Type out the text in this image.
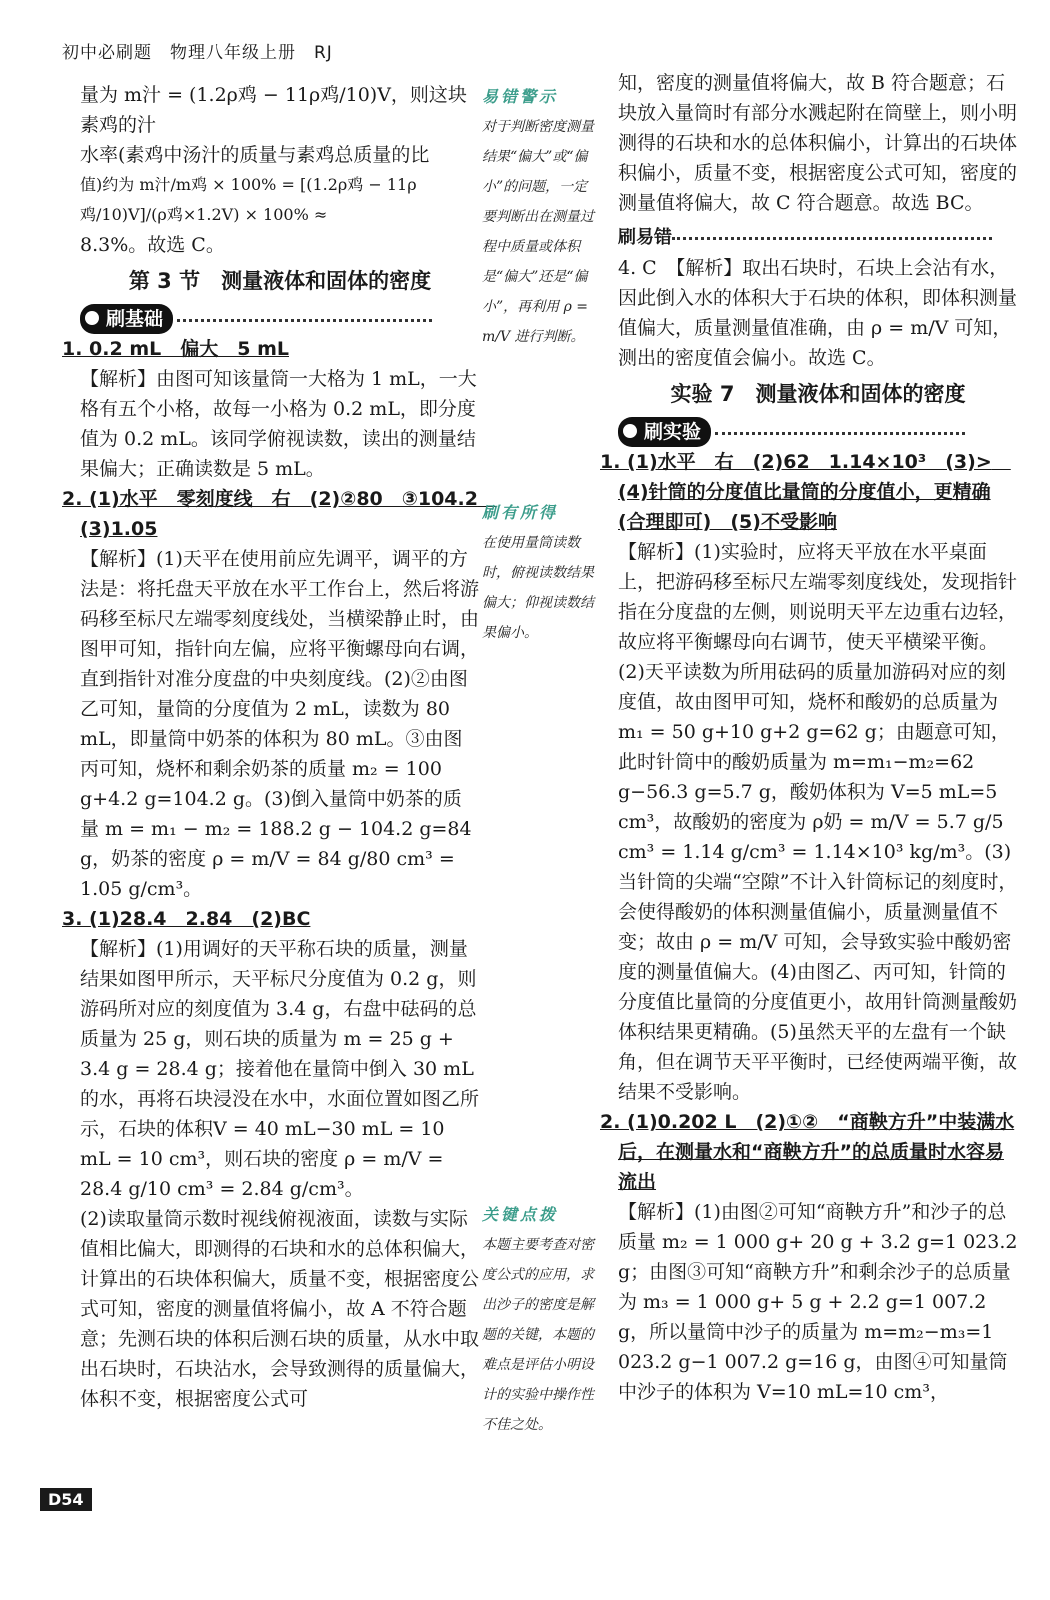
初中必刷题　物理八年级上册　RJ

量为 m汁 = (1.2ρ鸡 − 11ρ鸡/10)V，则这块素鸡的汁

水率(素鸡中汤汁的质量与素鸡总质量的比

值)约为 m汁/m鸡 × 100% = [(1.2ρ鸡 − 11ρ鸡/10)V]/(ρ鸡×1.2V) × 100% ≈

8.3%。故选 C。

第 3 节　测量液体和固体的密度
刷基础

1. 0.2 mL　偏大　5 mL

【解析】由图可知该量筒一大格为 1 mL，一大格有五个小格，故每一小格为 0.2 mL，即分度值为 0.2 mL。该同学俯视读数，读出的测量结果偏大；正确读数是 5 mL。

2. (1)水平　零刻度线　右　(2)②80　③104.2　(3)1.05

【解析】(1)天平在使用前应先调平，调平的方法是：将托盘天平放在水平工作台上，然后将游码移至标尺左端零刻度线处，当横梁静止时，由图甲可知，指针向左偏，应将平衡螺母向右调，直到指针对准分度盘的中央刻度线。(2)②由图乙可知，量筒的分度值为 2 mL，读数为 80 mL，即量筒中奶茶的体积为 80 mL。③由图丙可知，烧杯和剩余奶茶的质量 m₂ = 100 g+4.2 g=104.2 g。(3)倒入量筒中奶茶的质量 m = m₁ − m₂ = 188.2 g − 104.2 g=84 g，奶茶的密度 ρ = m/V = 84 g/80 cm³ = 1.05 g/cm³。

3. (1)28.4　2.84　(2)BC

【解析】(1)用调好的天平称石块的质量，测量结果如图甲所示，天平标尺分度值为 0.2 g，则游码所对应的刻度值为 3.4 g，右盘中砝码的总质量为 25 g，则石块的质量为 m = 25 g + 3.4 g = 28.4 g；接着他在量筒中倒入 30 mL 的水，再将石块浸没在水中，水面位置如图乙所示，石块的体积V = 40 mL−30 mL = 10 mL = 10 cm³，则石块的密度 ρ = m/V = 28.4 g/10 cm³ = 2.84 g/cm³。

(2)读取量筒示数时视线俯视液面，读数与实际值相比偏大，即测得的石块和水的总体积偏大，计算出的石块体积偏大，质量不变，根据密度公式可知，密度的测量值将偏小，故 A 不符合题意；先测石块的体积后测石块的质量，从水中取出石块时，石块沾水，会导致测得的质量偏大，体积不变，根据密度公式可

易错警示
对于判断密度测量结果“偏大”或“偏小”的问题，一定要判断出在测量过程中质量或体积是“偏大”还是“偏小”，再利用 ρ = m/V 进行判断。
刷有所得
在使用量筒读数时，俯视读数结果偏大；仰视读数结果偏小。
关键点拨
本题主要考查对密度公式的应用，求出沙子的密度是解题的关键，本题的难点是评估小明设计的实验中操作性不佳之处。

知，密度的测量值将偏大，故 B 符合题意；石块放入量筒时有部分水溅起附在筒壁上，则小明测得的石块和水的总体积偏小，计算出的石块体积偏小，质量不变，根据密度公式可知，密度的测量值将偏大，故 C 符合题意。故选 BC。

刷易错

4. C　【解析】取出石块时，石块上会沾有水，因此倒入水的体积大于石块的体积，即体积测量值偏大，质量测量值准确，由 ρ = m/V 可知，测出的密度值会偏小。故选 C。

实验 7　测量液体和固体的密度
刷实验

1. (1)水平　右　(2)62　1.14×10³　(3)>　(4)针筒的分度值比量筒的分度值小，更精确(合理即可)　(5)不受影响

【解析】(1)实验时，应将天平放在水平桌面上，把游码移至标尺左端零刻度线处，发现指针指在分度盘的左侧，则说明天平左边重右边轻，故应将平衡螺母向右调节，使天平横梁平衡。(2)天平读数为所用砝码的质量加游码对应的刻度值，故由图甲可知，烧杯和酸奶的总质量为m₁ = 50 g+10 g+2 g=62 g；由题意可知，此时针筒中的酸奶质量为 m=m₁−m₂=62 g−56.3 g=5.7 g，酸奶体积为 V=5 mL=5 cm³，故酸奶的密度为 ρ奶 = m/V = 5.7 g/5 cm³ = 1.14 g/cm³ = 1.14×10³ kg/m³。(3)当针筒的尖端“空隙”不计入针筒标记的刻度时，会使得酸奶的体积测量值偏小，质量测量值不变；故由 ρ = m/V 可知，会导致实验中酸奶密度的测量值偏大。(4)由图乙、丙可知，针筒的分度值比量筒的分度值更小，故用针筒测量酸奶体积结果更精确。(5)虽然天平的左盘有一个缺角，但在调节天平平衡时，已经使两端平衡，故结果不受影响。

2. (1)0.202 L　(2)①②　“商鞅方升”中装满水后，在测量水和“商鞅方升”的总质量时水容易流出

【解析】(1)由图②可知“商鞅方升”和沙子的总质量 m₂ = 1 000 g+ 20 g + 3.2 g=1 023.2 g；由图③可知“商鞅方升”和剩余沙子的总质量为 m₃ = 1 000 g+ 5 g + 2.2 g=1 007.2 g，所以量筒中沙子的质量为 m=m₂−m₃=1 023.2 g−1 007.2 g=16 g，由图④可知量筒中沙子的体积为 V=10 mL=10 cm³，

D54
